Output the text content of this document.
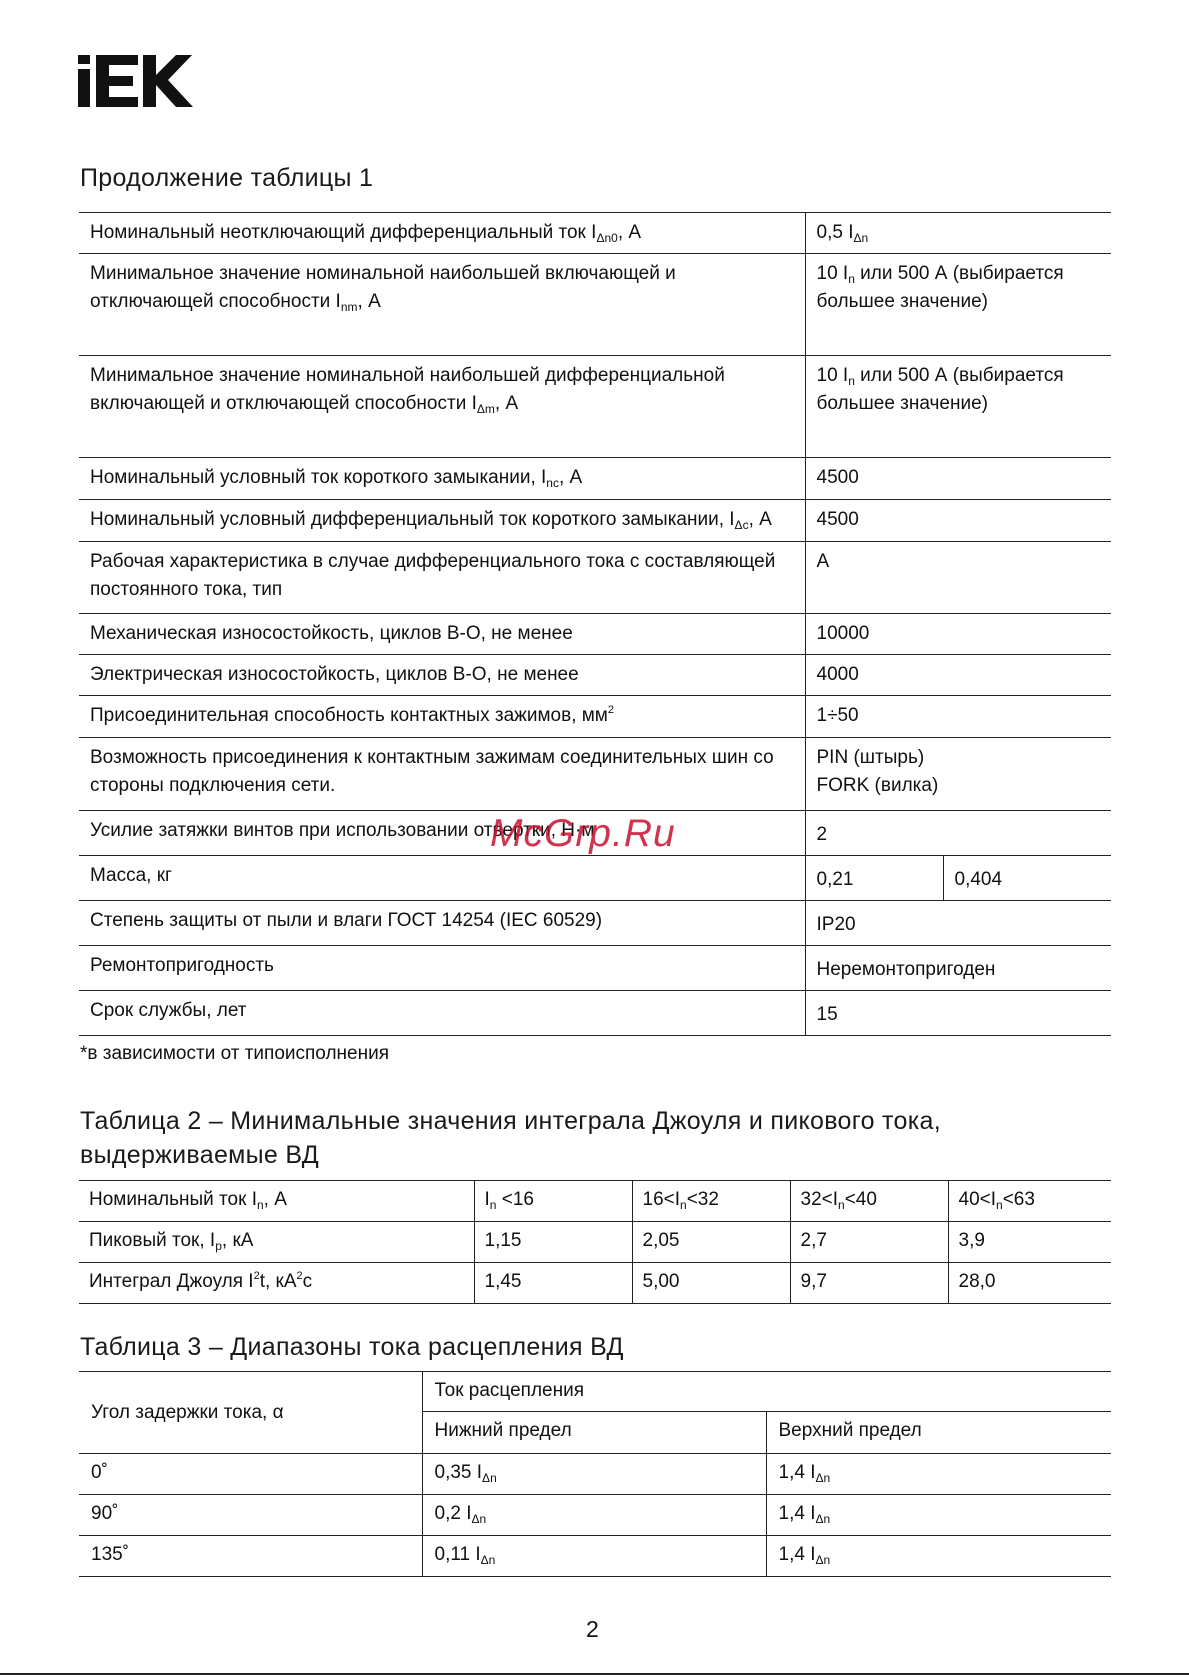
Продолжение таблицы 1
Номинальный неотключающий дифференциальный ток $I_{\Delta n0}$, А	0,5 $I_{\Delta n}$
Минимальное значение номинальной наибольшей включающей и отключающей способности $I_{nm}$, А	10 $I_n$ или 500 А (выбирается большее значение)	
Минимальное значение номинальной наибольшей дифференциальной включающей и отключающей способности $I_{\Delta m}$, А	10 $I_n$ или 500 А (выбирается большее значение)	
Номинальный условный ток короткого замыкании, $I_{nc}$, А	4500	
Номинальный условный дифференциальный ток короткого замыкании, $I_{\Delta c}$, А	4500	
Рабочая характеристика в случае дифференциального тока с составляющей постоянного тока, тип	А	
Механическая износостойкость, циклов В-О, не менее	10000	
Электрическая износостойкость, циклов В-О, не менее	4000	
Присоединительная способность контактных зажимов, $мм^2$	1÷50	
Возможность присоединения к контактным зажимам соединительных шин со стороны подключения сети.	PIN (штырь)
FORK (вилка)	

Усилие затяжки винтов при использовании отвертки, Н·м	2	
Масса, кг	0,21	0,404
Степень защиты от пыли и влаги ГОСТ 14254 (IEC 60529)	IP20	
Ремонтопригодность	Неремонтопригоден	
Срок службы, лет	15	

*в зависимости от типоисполнения

McGrp.Ru
Таблица 2 – Минимальные значения интеграла Джоуля и пикового тока, выдерживаемые ВД
Номинальный ток $I_n$, А	$I_n <16$	$16<I_n<32$	$32<I_n<40$	$40<I_n<63$
Пиковый ток, $I_p$, кА	1,15	2,05	2,7	3,9
Интеграл Джоуля $I^2t$, $кА^2с$	1,45	5,00	9,7	28,0
Таблица 3 – Диапазоны тока расцепления ВД
Угол задержки тока, α	Ток расцепления	
	Нижний предел	Верхний предел
0˚	0,35 $I_{\Delta n}$	1,4 $I_{\Delta n}$
90˚	0,2 $I_{\Delta n}$	1,4 $I_{\Delta n}$
135˚	0,11 $I_{\Delta n}$	1,4 $I_{\Delta n}$
2
